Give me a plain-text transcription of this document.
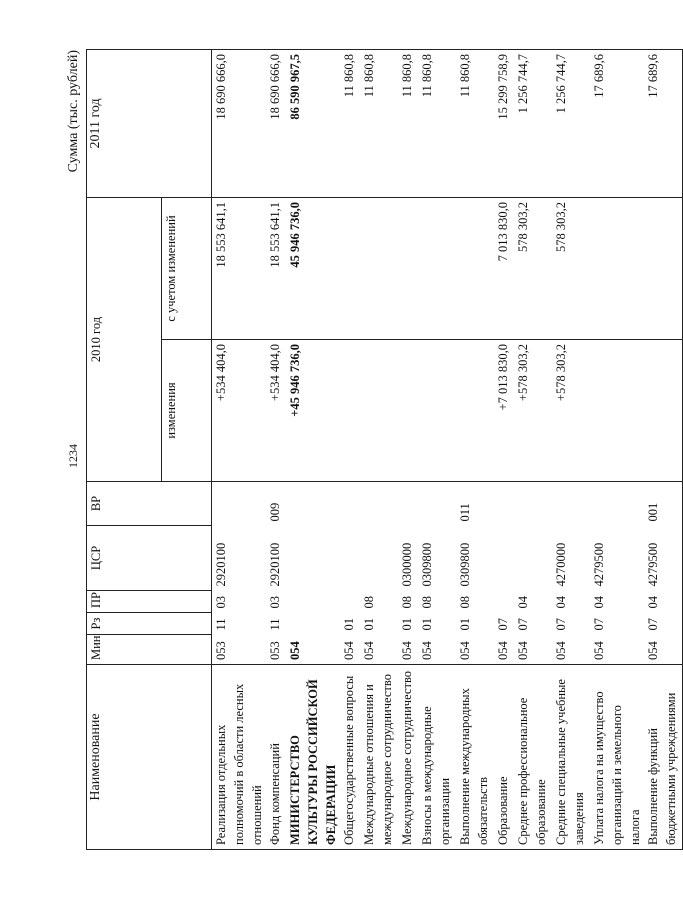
1234
Сумма (тыс. рублей)
Наименование	Мин	Рз	ПР	ЦСР	ВР	2010 год		2011 год
						изменения	с учетом изменений	
Реализация отдельных полномочий в области лесных отношений	053	11	03	2920100		+534 404,0	18 553 641,1	18 690 666,0
Фонд компенсаций	053	11	03	2920100	009	+534 404,0	18 553 641,1	18 690 666,0
МИНИСТЕРСТВО КУЛЬТУРЫ РОССИЙСКОЙ ФЕДЕРАЦИИ	054					+45 946 736,0	45 946 736,0	86 590 967,5
Общегосударственные вопросы	054	01						11 860,8
Международные отношения и международное сотрудничество	054	01	08					11 860,8
Международное сотрудничество	054	01	08	0300000				11 860,8
Взносы в международные организации	054	01	08	0309800				11 860,8
Выполнение международных обязательств	054	01	08	0309800	011			11 860,8
Образование	054	07				+7 013 830,0	7 013 830,0	15 299 758,9
Среднее профессиональное образование	054	07	04			+578 303,2	578 303,2	1 256 744,7
Средние специальные учебные заведения	054	07	04	4270000		+578 303,2	578 303,2	1 256 744,7
Уплата налога на имущество организаций и земельного налога	054	07	04	4279500				17 689,6
Выполнение функций бюджетными учреждениями	054	07	04	4279500	001			17 689,6
